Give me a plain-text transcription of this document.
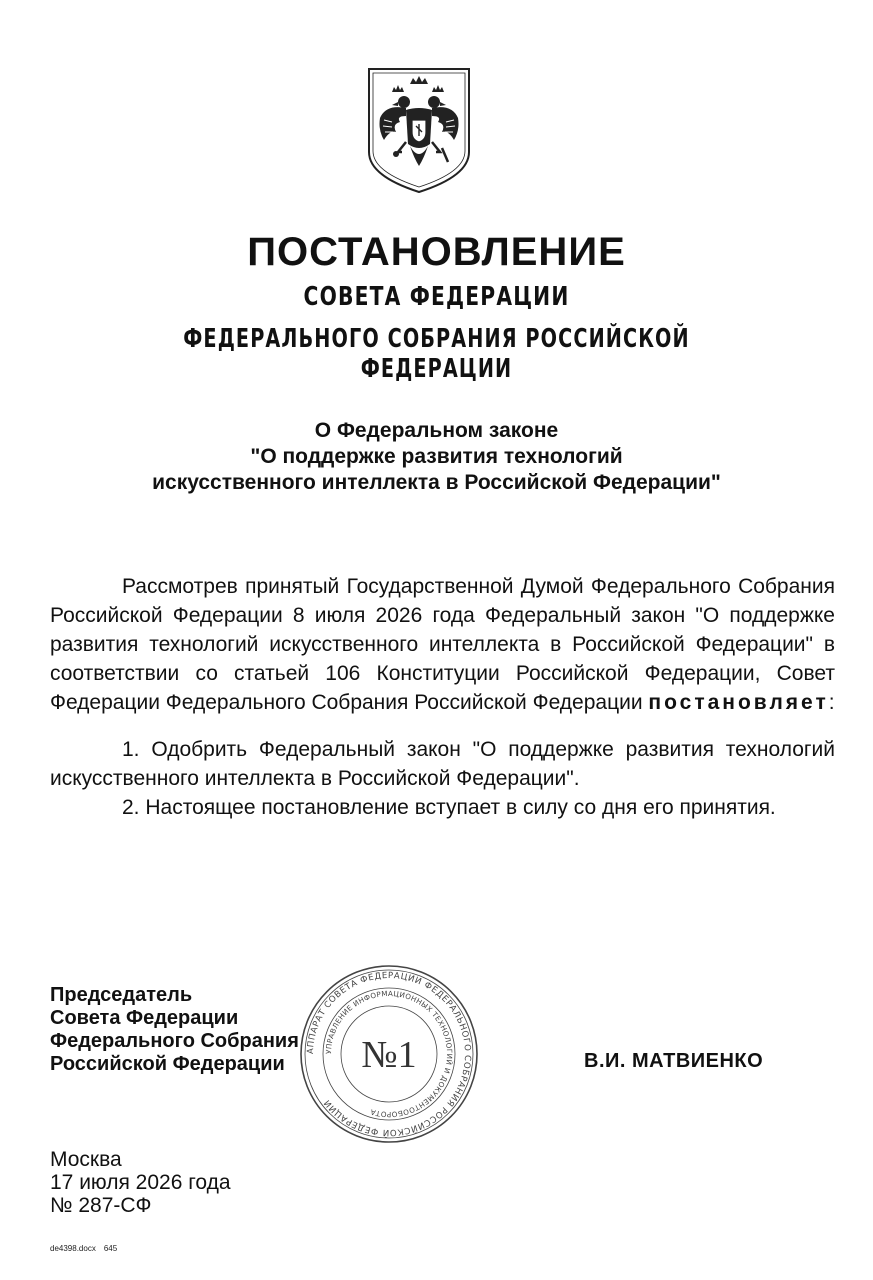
ПОСТАНОВЛЕНИЕ
СОВЕТА ФЕДЕРАЦИИ
ФЕДЕРАЛЬНОГО СОБРАНИЯ РОССИЙСКОЙ ФЕДЕРАЦИИ
О Федеральном законе
"О поддержке развития технологий
искусственного интеллекта в Российской Федерации"

Рассмотрев принятый Государственной Думой Федерального Собрания Российской Федерации 8 июля 2026 года Федеральный закон "О поддержке развития технологий искусственного интеллекта в Российской Федерации" в соответствии со статьей 106 Конституции Российской Федерации, Совет Федерации Федерального Собрания Российской Федерации постановляет:

1. Одобрить Федеральный закон "О поддержке развития технологий искусственного интеллекта в Российской Федерации".

2. Настоящее постановление вступает в силу со дня его принятия.

Председатель
Совета Федерации
Федерального Собрания
Российской Федерации
АППАРАТ СОВЕТА ФЕДЕРАЦИИ ФЕДЕРАЛЬНОГО СОБРАНИЯ РОССИЙСКОЙ ФЕДЕРАЦИИ
УПРАВЛЕНИЕ ИНФОРМАЦИОННЫХ ТЕХНОЛОГИЙ И ДОКУМЕНТООБОРОТА
№1	В.И. МАТВИЕНКО
Москва
17 июля 2026 года
№ 287-СФ
de4398.docx 645
